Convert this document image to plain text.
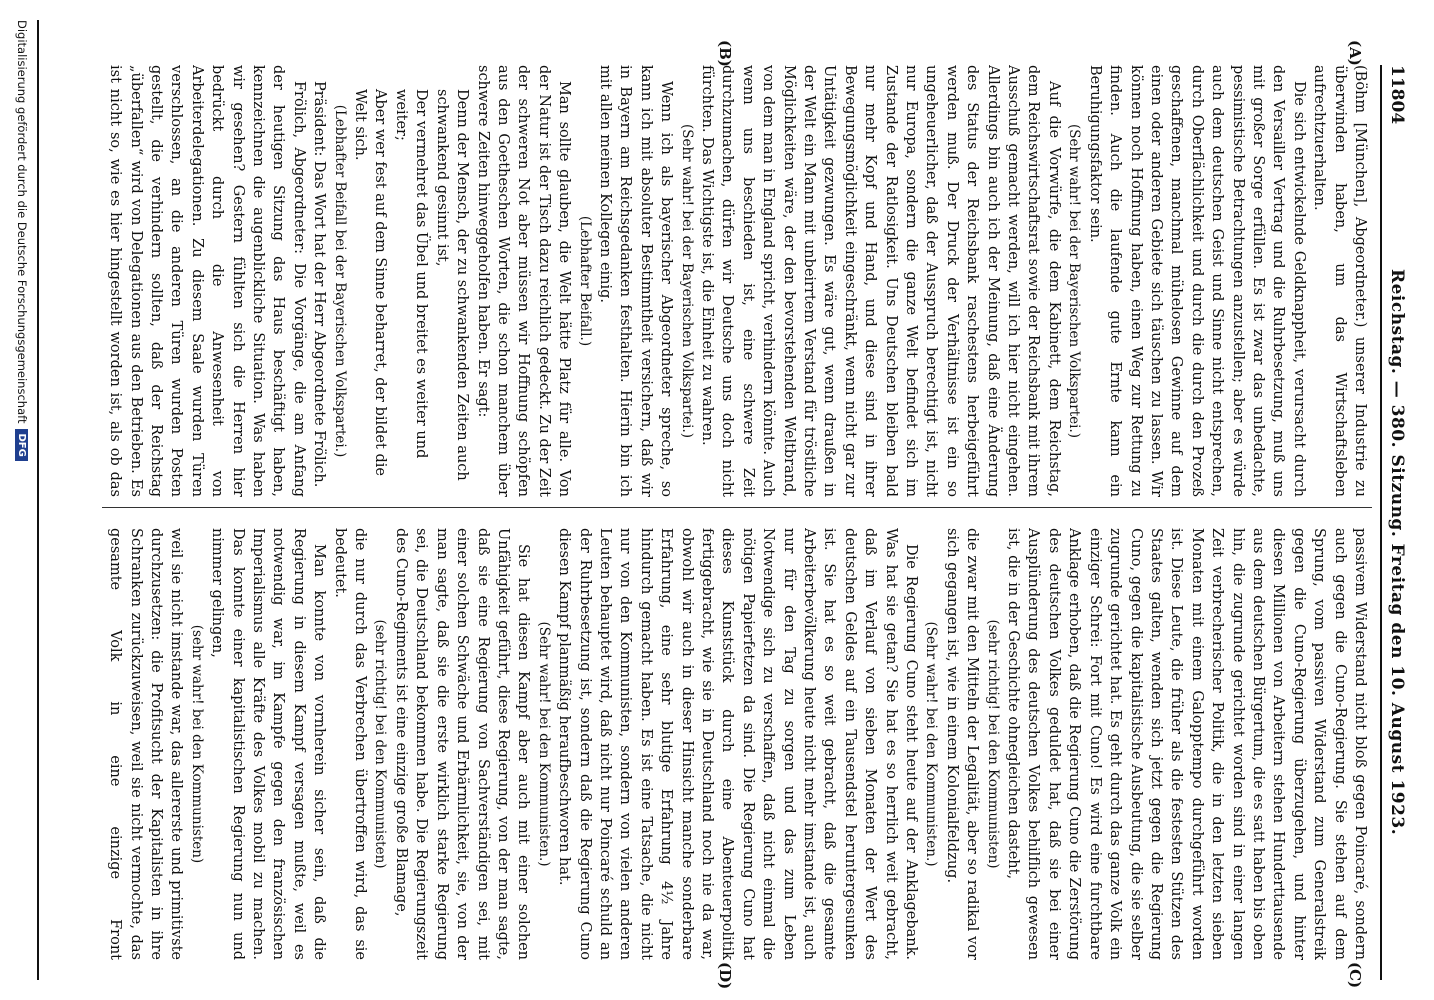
11804
Reichstag. — 380. Sitzung. Freitag den 10. August 1923.
(A)
(B)
(C)
(D)

(Böhm [München], Abgeordneter.) unserer Industrie zu überwinden haben, um das Wirtschaftsleben aufrechtzuerhalten.

Die sich entwickelnde Geldknappheit, verursacht durch den Versailler Vertrag und die Ruhrbesetzung, muß uns mit großer Sorge erfüllen. Es ist zwar das unbedachte, pessimistische Betrachtungen anzustellen; aber es würde auch dem deutschen Geist und Sinne nicht entsprechen, durch Oberflächlichkeit und durch die durch den Prozeß geschaffenen, manchmal mühelosen Gewinne auf dem einen oder anderen Gebiete sich täuschen zu lassen. Wir können noch Hoffnung haben, einen Weg zur Rettung zu finden. Auch die laufende gute Ernte kann ein Beruhigungsfaktor sein.

(Sehr wahr! bei der Bayerischen Volkspartei.)

Auf die Vorwürfe, die dem Kabinett, dem Reichstag, dem Reichswirtschaftsrat sowie der Reichsbank mit ihrem Ausschuß gemacht werden, will ich hier nicht eingehen. Allerdings bin auch ich der Meinung, daß eine Änderung des Status der Reichsbank raschestens herbeigeführt werden muß. Der Druck der Verhältnisse ist ein so ungeheuerlicher, daß der Ausspruch berechtigt ist, nicht nur Europa, sondern die ganze Welt befindet sich im Zustande der Ratlosigkeit. Uns Deutschen bleiben bald nur mehr Kopf und Hand, und diese sind in ihrer Bewegungsmöglichkeit eingeschränkt, wenn nicht gar zur Untätigkeit gezwungen. Es wäre gut, wenn draußen in der Welt ein Mann mit unbeirrtem Verstand für tröstliche Möglichkeiten wäre, der den bevorstehenden Weltbrand, von dem man in England spricht, verhindern könnte. Auch wenn uns beschieden ist, eine schwere Zeit durchzumachen, dürfen wir Deutsche uns doch nicht fürchten. Das Wichtigste ist, die Einheit zu wahren.

(Sehr wahr! bei der Bayerischen Volkspartei.)

Wenn ich als bayerischer Abgeordneter spreche, so kann ich mit absoluter Bestimmtheit versichern, daß wir in Bayern am Reichsgedanken festhalten. Hierin bin ich mit allen meinen Kollegen einig.

(Lebhafter Beifall.)

Man sollte glauben, die Welt hätte Platz für alle. Von der Natur ist der Tisch dazu reichlich gedeckt. Zu der Zeit der schweren Not aber müssen wir Hoffnung schöpfen aus den Goetheschen Worten, die schon manchem über schwere Zeiten hinweggeholfen haben. Er sagt:

Denn der Mensch, der zu schwankenden Zeiten auch schwankend gesinnt ist,

Der vermehret das Übel und breitet es weiter und weiter;

Aber wer fest auf dem Sinne beharret, der bildet die Welt sich.

(Lebhafter Beifall bei der Bayerischen Volkspartei.)

Präsident: Das Wort hat der Herr Abgeordnete Frölich.

Frölich, Abgeordneter: Die Vorgänge, die am Anfang der heutigen Sitzung das Haus beschäftigt haben, kennzeichnen die augenblickliche Situation. Was haben wir gesehen? Gestern fühlten sich die Herren hier bedrückt durch die Anwesenheit von Arbeiterdelegationen. Zu diesem Saale wurden Türen verschlossen, an die anderen Türen wurden Posten gestellt, die verhindern sollten, daß der Reichstag „überfallen“ wird von Delegationen aus den Betrieben. Es ist nicht so, wie es hier hingestellt worden ist, als ob das

passivem Widerstand nicht bloß gegen Poincaré, sondern auch gegen die Cuno-Regierung. Sie stehen auf dem Sprung, vom passiven Widerstand zum Generalstreik gegen die Cuno-Regierung überzugehen, und hinter diesen Millionen von Arbeitern stehen Hunderttausende aus dem deutschen Bürgertum, die es satt haben bis oben hin, die zugrunde gerichtet worden sind in einer langen Zeit verbrecherischer Politik, die in den letzten sieben Monaten mit einem Galopptempo durchgeführt worden ist. Diese Leute, die früher als die festesten Stützen des Staates galten, wenden sich jetzt gegen die Regierung Cuno, gegen die kapitalistische Ausbeutung, die sie selber zugrunde gerichtet hat. Es geht durch das ganze Volk ein einziger Schrei: Fort mit Cuno! Es wird eine furchtbare Anklage erhoben, daß die Regierung Cuno die Zerstörung des deutschen Volkes geduldet hat, daß sie bei einer Ausplünderung des deutschen Volkes behilflich gewesen ist, die in der Geschichte ohnegleichen dasteht,

(sehr richtig! bei den Kommunisten)

die zwar mit den Mitteln der Legalität, aber so radikal vor sich gegangen ist, wie in einem Kolonialfeldzug.

(Sehr wahr! bei den Kommunisten.)

Die Regierung Cuno steht heute auf der Anklagebank. Was hat sie getan? Sie hat es so herrlich weit gebracht, daß im Verlauf von sieben Monaten der Wert des deutschen Geldes auf ein Tausendstel heruntergesunken ist. Sie hat es so weit gebracht, daß die gesamte Arbeiterbevölkerung heute nicht mehr imstande ist, auch nur für den Tag zu sorgen und das zum Leben Notwendige sich zu verschaffen, daß nicht einmal die nötigen Papierfetzen da sind. Die Regierung Cuno hat dieses Kunststück durch eine Abenteuerpolitik fertiggebracht, wie sie in Deutschland noch nie da war, obwohl wir auch in dieser Hinsicht manche sonderbare Erfahrung, eine sehr blutige Erfahrung 4½ Jahre hindurch gemacht haben. Es ist eine Tatsache, die nicht nur von den Kommunisten, sondern von vielen anderen Leuten behauptet wird, daß nicht nur Poincaré schuld an der Ruhrbesetzung ist, sondern daß die Regierung Cuno diesen Kampf planmäßig heraufbeschworen hat.

(Sehr wahr! bei den Kommunisten.)

Sie hat diesen Kampf aber auch mit einer solchen Unfähigkeit geführt, diese Regierung, von der man sagte, daß sie eine Regierung von Sachverständigen sei, mit einer solchen Schwäche und Erbärmlichkeit, sie, von der man sagte, daß sie die erste wirklich starke Regierung sei, die Deutschland bekommen habe. Die Regierungszeit des Cuno-Regiments ist eine einzige große Blamage,

(sehr richtig! bei den Kommunisten)

die nur durch das Verbrechen übertroffen wird, das sie bedeutet.

Man konnte von vornherein sicher sein, daß die Regierung in diesem Kampf versagen mußte, weil es notwendig war, im Kampfe gegen den französischen Imperialismus alle Kräfte des Volkes mobil zu machen. Das konnte einer kapitalistischen Regierung nun und nimmer gelingen,

(sehr wahr! bei den Kommunisten)

weil sie nicht imstande war, das allererste und primitivste durchzusetzen: die Profitsucht der Kapitalisten in ihre Schranken zurückzuweisen, weil sie nicht vermochte, das gesamte Volk in eine einzige Front

Digitalisierung gefördert durch die Deutsche Forschungsgemeinschaft
DFG
